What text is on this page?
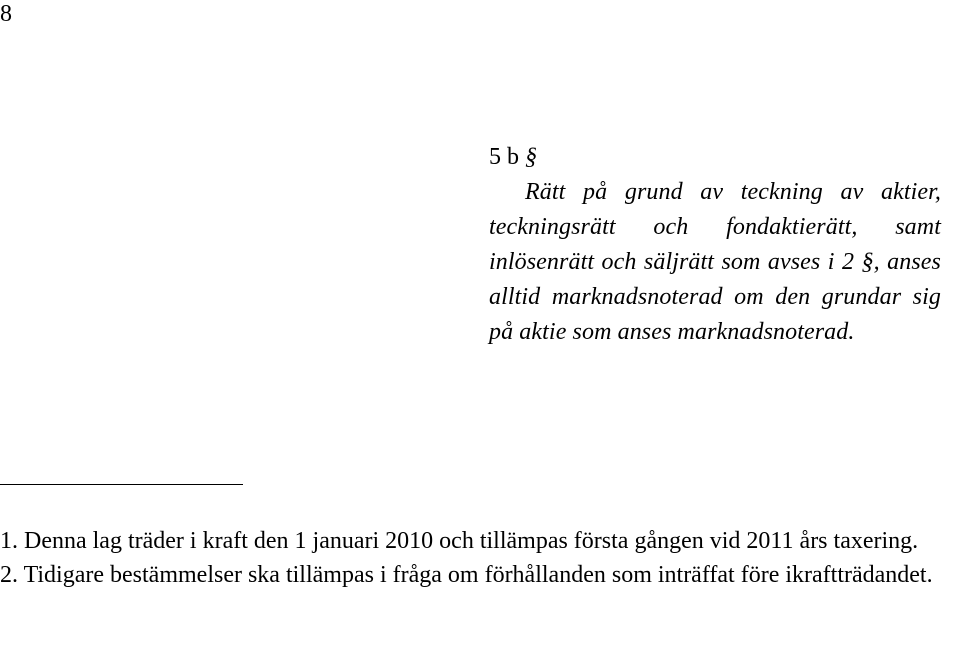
8

5 b §

Rätt på grund av teckning av aktier, teckningsrätt och fondaktierätt, samt inlösenrätt och säljrätt som avses i 2 §, anses alltid marknadsnoterad om den grundar sig på aktie som anses marknadsnoterad.

1. Denna lag träder i kraft den 1 januari 2010 och tillämpas första gången vid 2011 års taxering.

2. Tidigare bestämmelser ska tillämpas i fråga om förhållanden som inträffat före ikraftträdandet.
